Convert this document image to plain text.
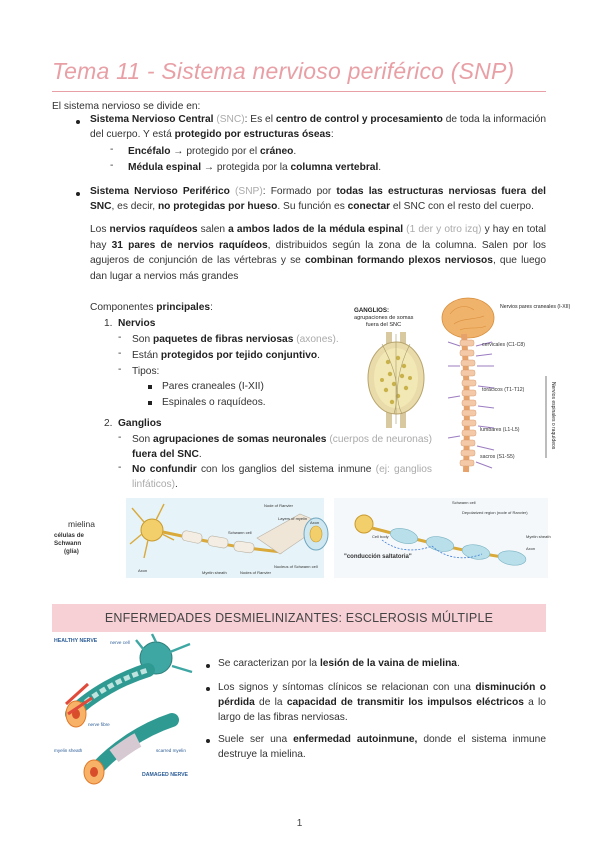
Tema 11 - Sistema nervioso periférico (SNP)
El sistema nervioso se divide en:
Sistema Nervioso Central (SNC): Es el centro de control y procesamiento de toda la información del cuerpo. Y está protegido por estructuras óseas:
- Encéfalo → protegido por el cráneo.
- Médula espinal → protegida por la columna vertebral.
Sistema Nervioso Periférico (SNP): Formado por todas las estructuras nerviosas fuera del SNC, es decir, no protegidas por hueso. Su función es conectar el SNC con el resto del cuerpo.
Los nervios raquídeos salen a ambos lados de la médula espinal (1 der y otro izq) y hay en total hay 31 pares de nervios raquídeos, distribuidos según la zona de la columna. Salen por los agujeros de conjunción de las vértebras y se combinan formando plexos nerviosos, que luego dan lugar a nervios más grandes
Componentes principales:
1. Nervios
- Son paquetes de fibras nerviosas (axones).
- Están protegidos por tejido conjuntivo.
- Tipos:
Pares craneales (I-XII)
Espinales o raquídeos.
2. Ganglios
- Son agrupaciones de somas neuronales (cuerpos de neuronas) fuera del SNC.
- No confundir con los ganglios del sistema inmune (ej: ganglios linfáticos).
GANGLIOS:
agrupaciones de somas
fuera del SNC
Nervios pares craneales (I-XII)
cervicales (C1-C8)
torácicos (T1-T12)
lumbares (L1-L5)
sacros (S1-S5)
Nervios espinales o raquídeos
mielina
células de
Schwann
(glía)
Node of Ranvier
Layers of myelin
Axon
Schwann cell
Nucleus of Schwann cell
Myelin sheath	Nodes of Ranvier
Axon
"conducción saltatoria"
Schwann cell
Depolarized region (node of Ranvier)
Cell body	Myelin sheath
Axon
ENFERMEDADES DESMIELINIZANTES: ESCLEROSIS MÚLTIPLE
HEALTHY NERVE	nerve cell
nerve fibre
myelin sheath	scarred myelin
DAMAGED NERVE
Se caracterizan por la lesión de la vaina de mielina.
Los signos y síntomas clínicos se relacionan con una disminución o pérdida de la capacidad de transmitir los impulsos eléctricos a lo largo de las fibras nerviosas.
Suele ser una enfermedad autoinmune, donde el sistema inmune destruye la mielina.
1
